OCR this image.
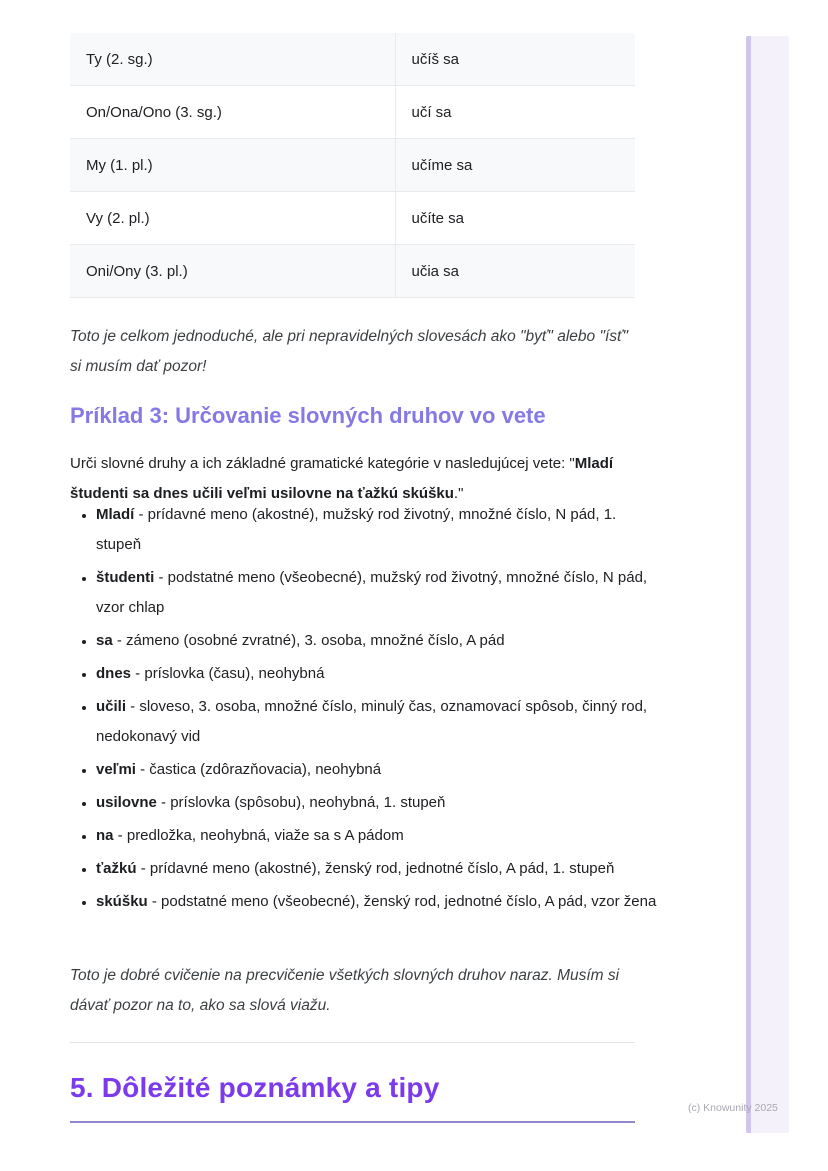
Ty (2. sg.)	učíš sa
On/Ona/Ono (3. sg.)	učí sa
My (1. pl.)	učíme sa
Vy (2. pl.)	učíte sa
Oni/Ony (3. pl.)	učia sa
Toto je celkom jednoduché, ale pri nepravidelných slovesách ako "byť" alebo "ísť" si musím dať pozor!
Príklad 3: Určovanie slovných druhov vo vete
Urči slovné druhy a ich základné gramatické kategórie v nasledujúcej vete: "Mladí študenti sa dnes učili veľmi usilovne na ťažkú skúšku."
• Mladí - prídavné meno (akostné), mužský rod životný, množné číslo, N pád, 1. stupeň
• študenti - podstatné meno (všeobecné), mužský rod životný, množné číslo, N pád, vzor chlap
• sa - zámeno (osobné zvratné), 3. osoba, množné číslo, A pád
• dnes - príslovka (času), neohybná
• učili - sloveso, 3. osoba, množné číslo, minulý čas, oznamovací spôsob, činný rod, nedokonavý vid
• veľmi - častica (zdôrazňovacia), neohybná
• usilovne - príslovka (spôsobu), neohybná, 1. stupeň
• na - predložka, neohybná, viaže sa s A pádom
• ťažkú - prídavné meno (akostné), ženský rod, jednotné číslo, A pád, 1. stupeň
• skúšku - podstatné meno (všeobecné), ženský rod, jednotné číslo, A pád, vzor žena
Toto je dobré cvičenie na precvičenie všetkých slovných druhov naraz. Musím si dávať pozor na to, ako sa slová viažu.
5. Dôležité poznámky a tipy
(c) Knowunity 2025
